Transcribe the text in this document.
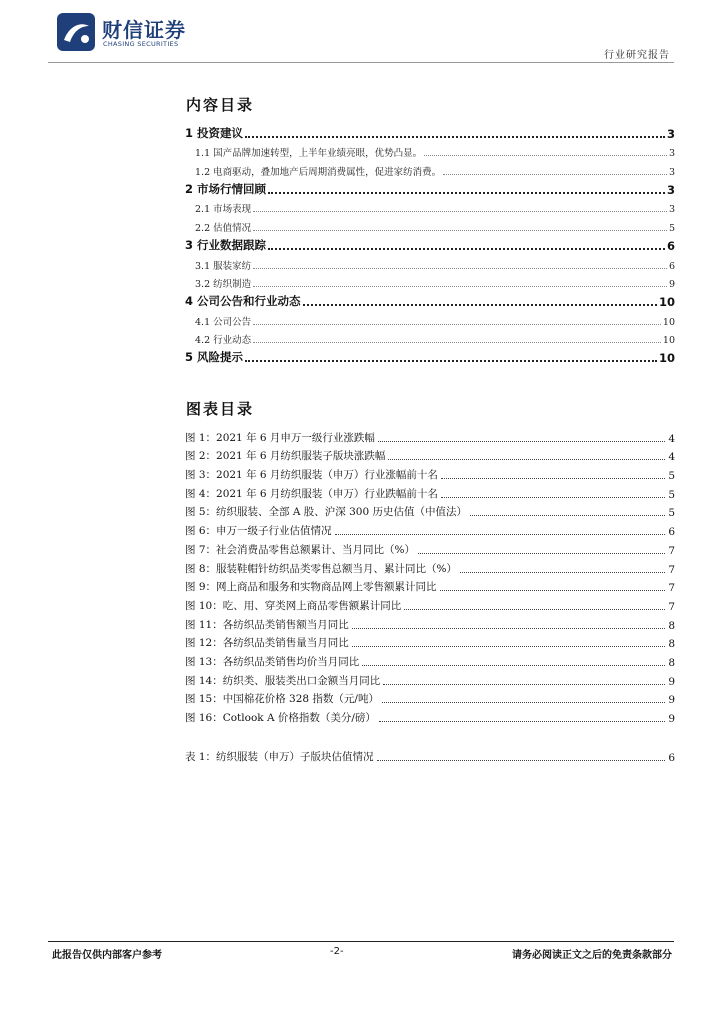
财信证券
CHASING SECURITIES
行业研究报告
内容目录
1 投资建议	3
1.1 国产品牌加速转型，上半年业绩亮眼，优势凸显。	3
1.2 电商驱动，叠加地产后周期消费属性，促进家纺消费。	3
2 市场行情回顾	3
2.1 市场表现	3
2.2 估值情况	5
3 行业数据跟踪	6
3.1 服装家纺	6
3.2 纺织制造	9
4 公司公告和行业动态	10
4.1 公司公告	10
4.2 行业动态	10
5 风险提示	10
图表目录
图 1：2021 年 6 月申万一级行业涨跌幅	4
图 2：2021 年 6 月纺织服装子版块涨跌幅	4
图 3：2021 年 6 月纺织服装（申万）行业涨幅前十名	5
图 4：2021 年 6 月纺织服装（申万）行业跌幅前十名	5
图 5：纺织服装、全部 A 股、沪深 300 历史估值（中值法）	5
图 6：申万一级子行业估值情况	6
图 7：社会消费品零售总额累计、当月同比（%）	7
图 8：服装鞋帽针纺织品类零售总额当月、累计同比（%）	7
图 9：网上商品和服务和实物商品网上零售额累计同比	7
图 10：吃、用、穿类网上商品零售额累计同比	7
图 11：各纺织品类销售额当月同比	8
图 12：各纺织品类销售量当月同比	8
图 13：各纺织品类销售均价当月同比	8
图 14：纺织类、服装类出口金额当月同比	9
图 15：中国棉花价格 328 指数（元/吨）	9
图 16：Cotlook A 价格指数（美分/磅）	9
表 1：纺织服装（申万）子版块估值情况	6
此报告仅供内部客户参考	-2-	请务必阅读正文之后的免责条款部分
